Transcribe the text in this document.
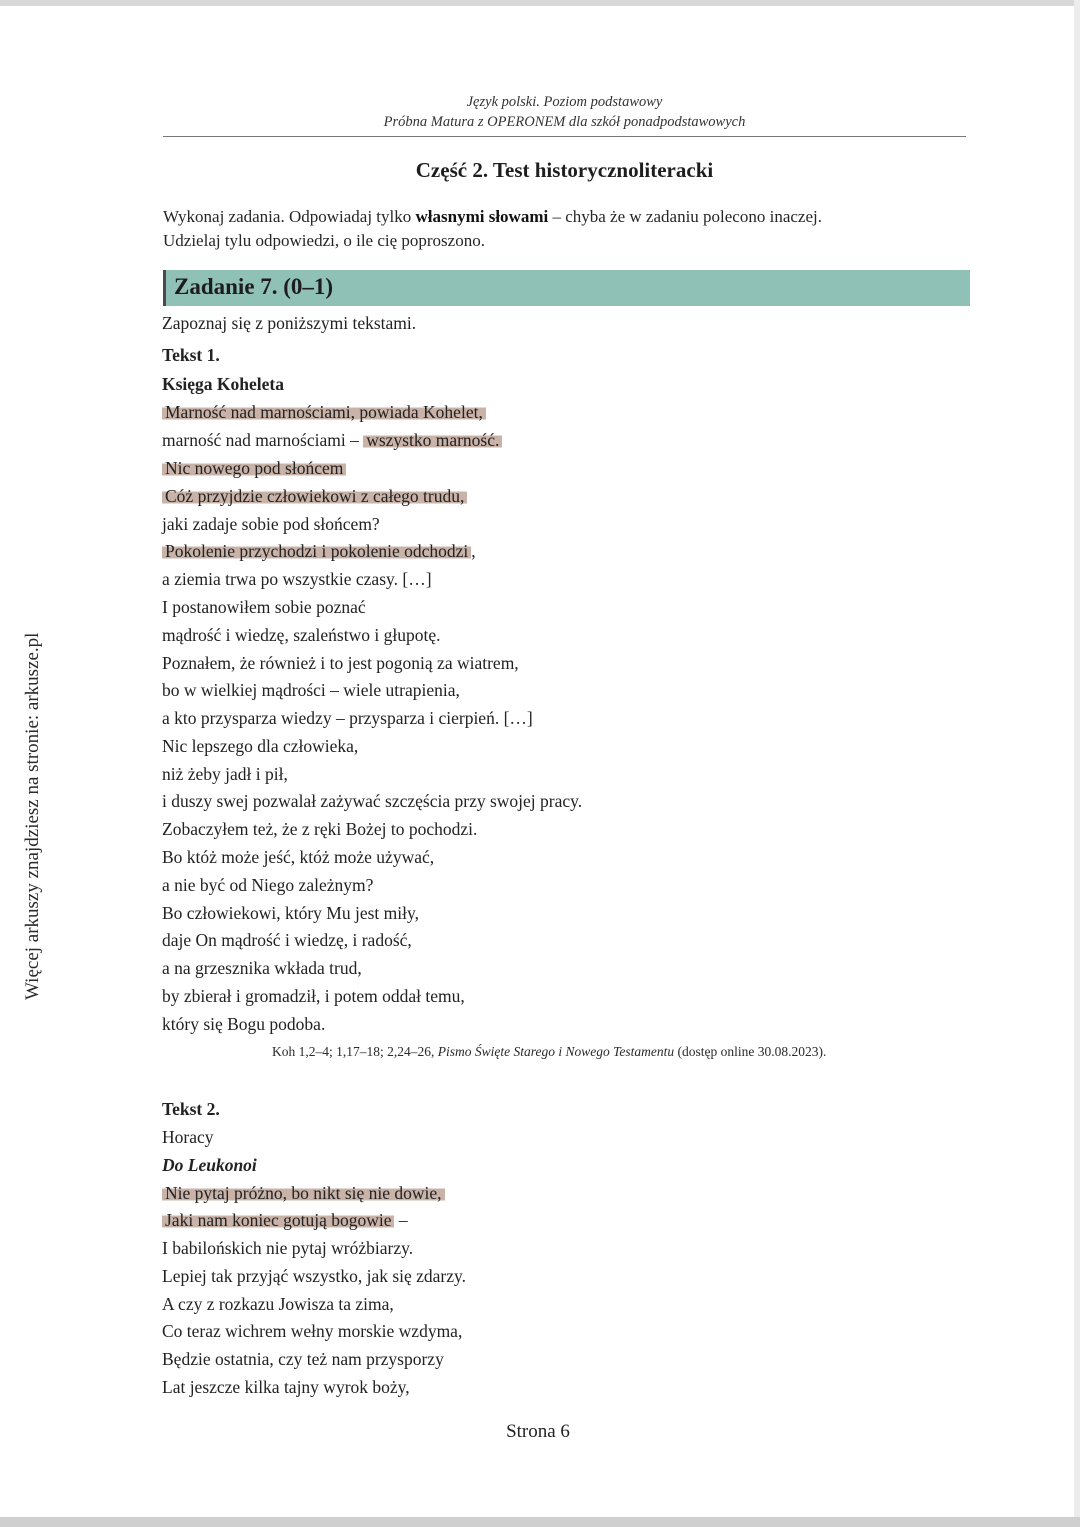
Więcej arkuszy znajdziesz na stronie: arkusze.pl
Język polski. Poziom podstawowy
Próbna Matura z OPERONEM dla szkół ponadpodstawowych
Część 2. Test historycznoliteracki
Wykonaj zadania. Odpowiadaj tylko własnymi słowami – chyba że w zadaniu polecono inaczej.
Udzielaj tylu odpowiedzi, o ile cię poproszono.
Zadanie 7. (0–1)
Zapoznaj się z poniższymi tekstami.
Tekst 1.
Księga Koheleta
Marność nad marnościami, powiada Kohelet,
marność nad marnościami – wszystko marność.
Nic nowego pod słońcem
Cóż przyjdzie człowiekowi z całego trudu,
jaki zadaje sobie pod słońcem?
Pokolenie przychodzi i pokolenie odchodzi ,
a ziemia trwa po wszystkie czasy. […]
I postanowiłem sobie poznać
mądrość i wiedzę, szaleństwo i głupotę.
Poznałem, że również i to jest pogonią za wiatrem,
bo w wielkiej mądrości – wiele utrapienia,
a kto przysparza wiedzy – przysparza i cierpień. […]
Nic lepszego dla człowieka,
niż żeby jadł i pił,
i duszy swej pozwalał zażywać szczęścia przy swojej pracy.
Zobaczyłem też, że z ręki Bożej to pochodzi.
Bo któż może jeść, któż może używać,
a nie być od Niego zależnym?
Bo człowiekowi, który Mu jest miły,
daje On mądrość i wiedzę, i radość,
a na grzesznika wkłada trud,
by zbierał i gromadził, i potem oddał temu,
który się Bogu podoba.
Tekst 2.
Horacy
Do Leukonoi
Nie pytaj próżno, bo nikt się nie dowie,
Jaki nam koniec gotują bogowie –
I babilońskich nie pytaj wróżbiarzy.
Lepiej tak przyjąć wszystko, jak się zdarzy.
A czy z rozkazu Jowisza ta zima,
Co teraz wichrem wełny morskie wzdyma,
Będzie ostatnia, czy też nam przysporzy
Lat jeszcze kilka tajny wyrok boży,
Koh 1,2–4; 1,17–18; 2,24–26, Pismo Święte Starego i Nowego Testamentu (dostęp online 30.08.2023).
Strona 6
